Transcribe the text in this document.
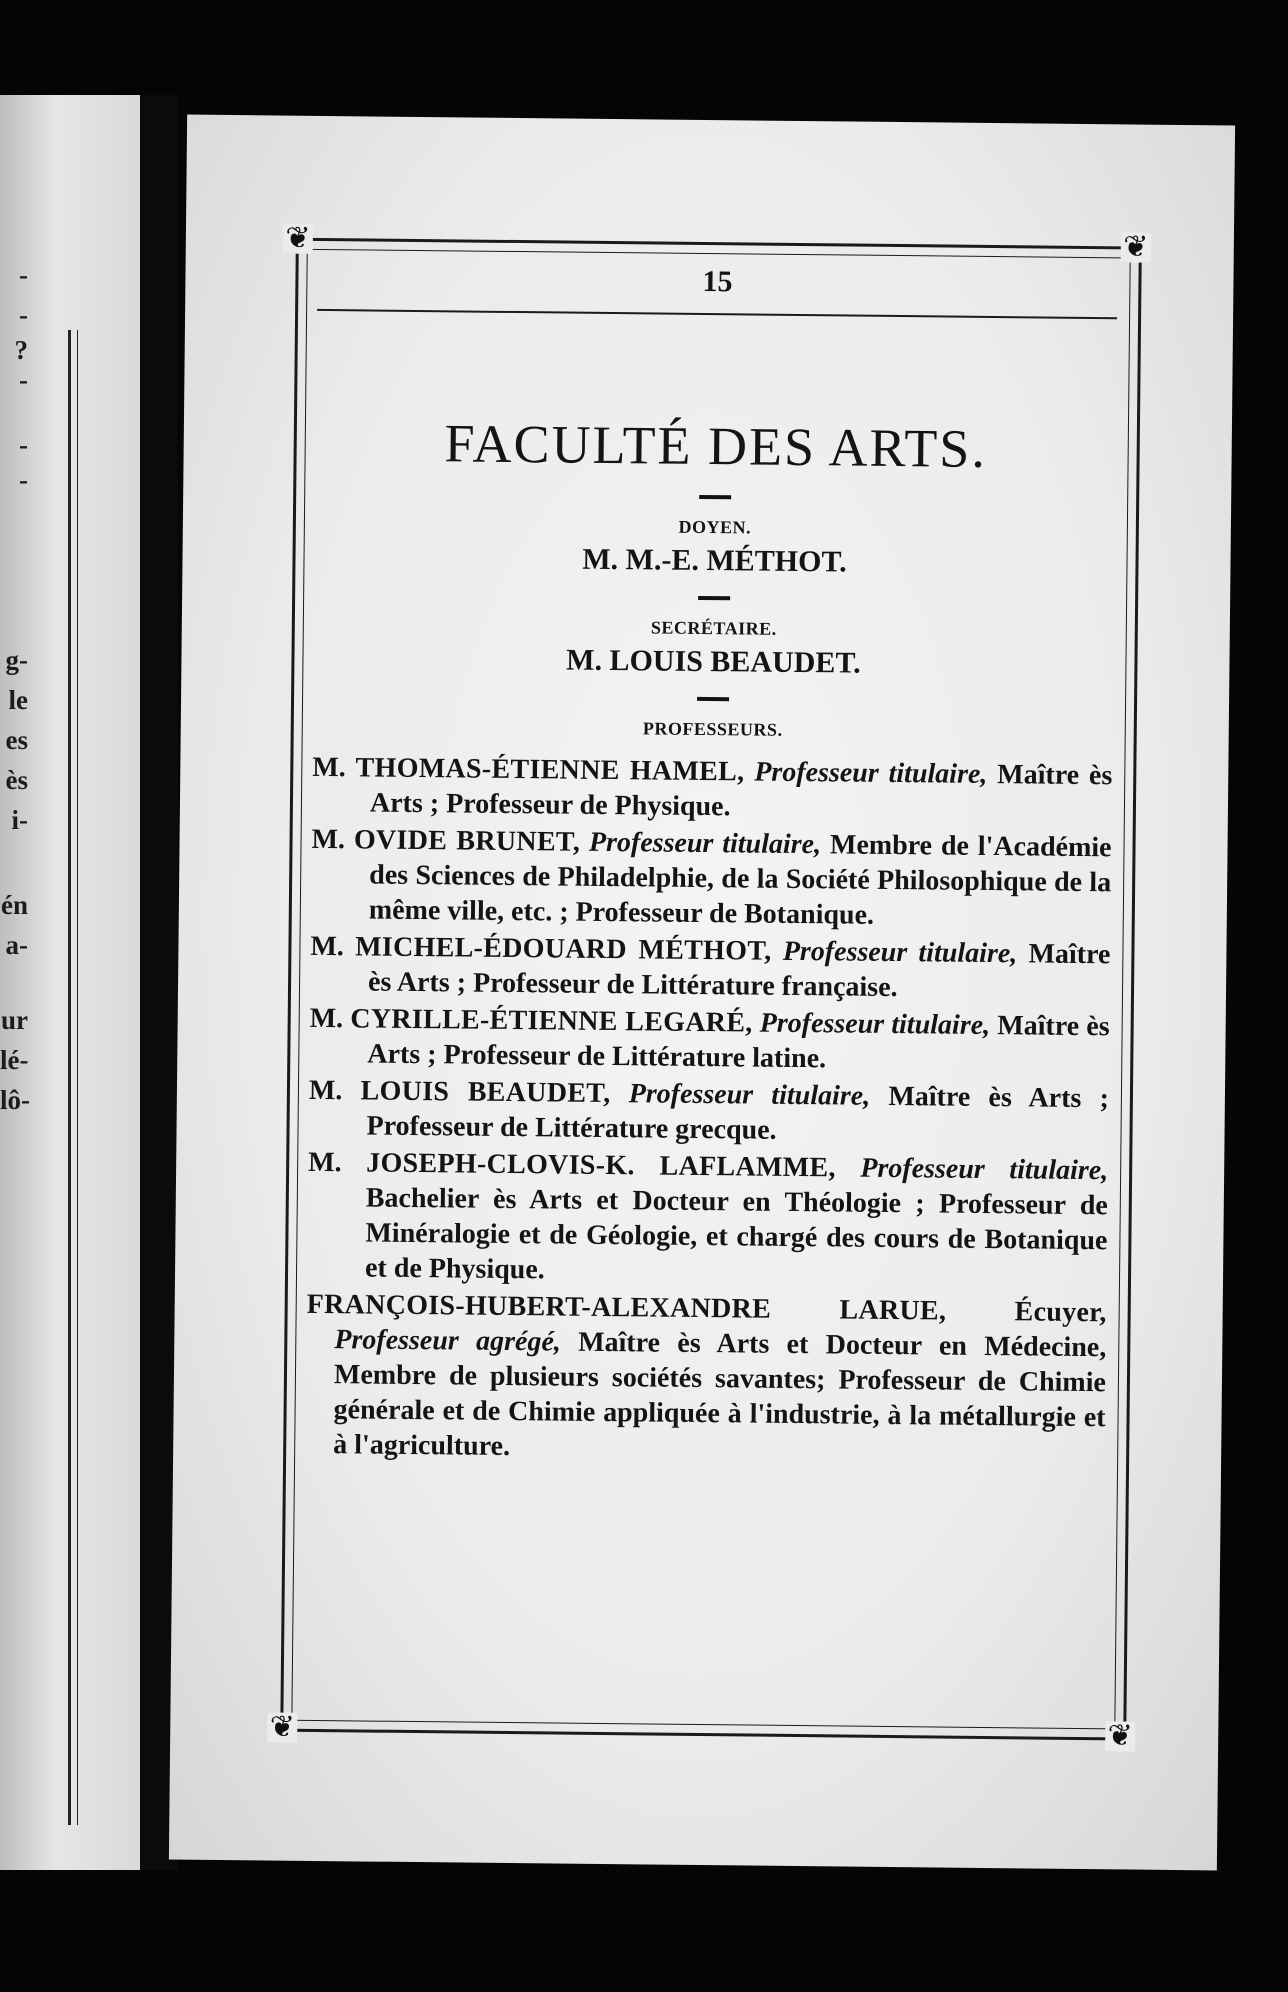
-
-
?
-
-
-
g-
le
es
ès
i-
én
a-
ur
lé-
lô-
❦	❦
❦	❦
15
FACULTÉ DES ARTS.

DOYEN.

M. M.-E. MÉTHOT.

SECRÉTAIRE.

M. LOUIS BEAUDET.

PROFESSEURS.

M. THOMAS-ÉTIENNE HAMEL, Professeur titulaire, Maître ès Arts ; Professeur de Physique.

M. OVIDE BRUNET, Professeur titulaire, Membre de l'Académie des Sciences de Philadelphie, de la Société Philosophique de la même ville, etc. ; Professeur de Botanique.

M. MICHEL-ÉDOUARD MÉTHOT, Professeur titulaire, Maître ès Arts ; Professeur de Littérature française.

M. CYRILLE-ÉTIENNE LEGARÉ, Professeur titulaire, Maître ès Arts ; Professeur de Littérature latine.

M. LOUIS BEAUDET, Professeur titulaire, Maître ès Arts ; Professeur de Littérature grecque.

M. JOSEPH-CLOVIS-K. LAFLAMME, Professeur titulaire, Bachelier ès Arts et Docteur en Théologie ; Professeur de Minéralogie et de Géologie, et chargé des cours de Botanique et de Physique.

FRANÇOIS-HUBERT-ALEXANDRE LARUE, Écuyer, Professeur agrégé, Maître ès Arts et Docteur en Médecine, Membre de plusieurs sociétés savantes; Professeur de Chimie générale et de Chimie appliquée à l'industrie, à la métallurgie et à l'agriculture.
